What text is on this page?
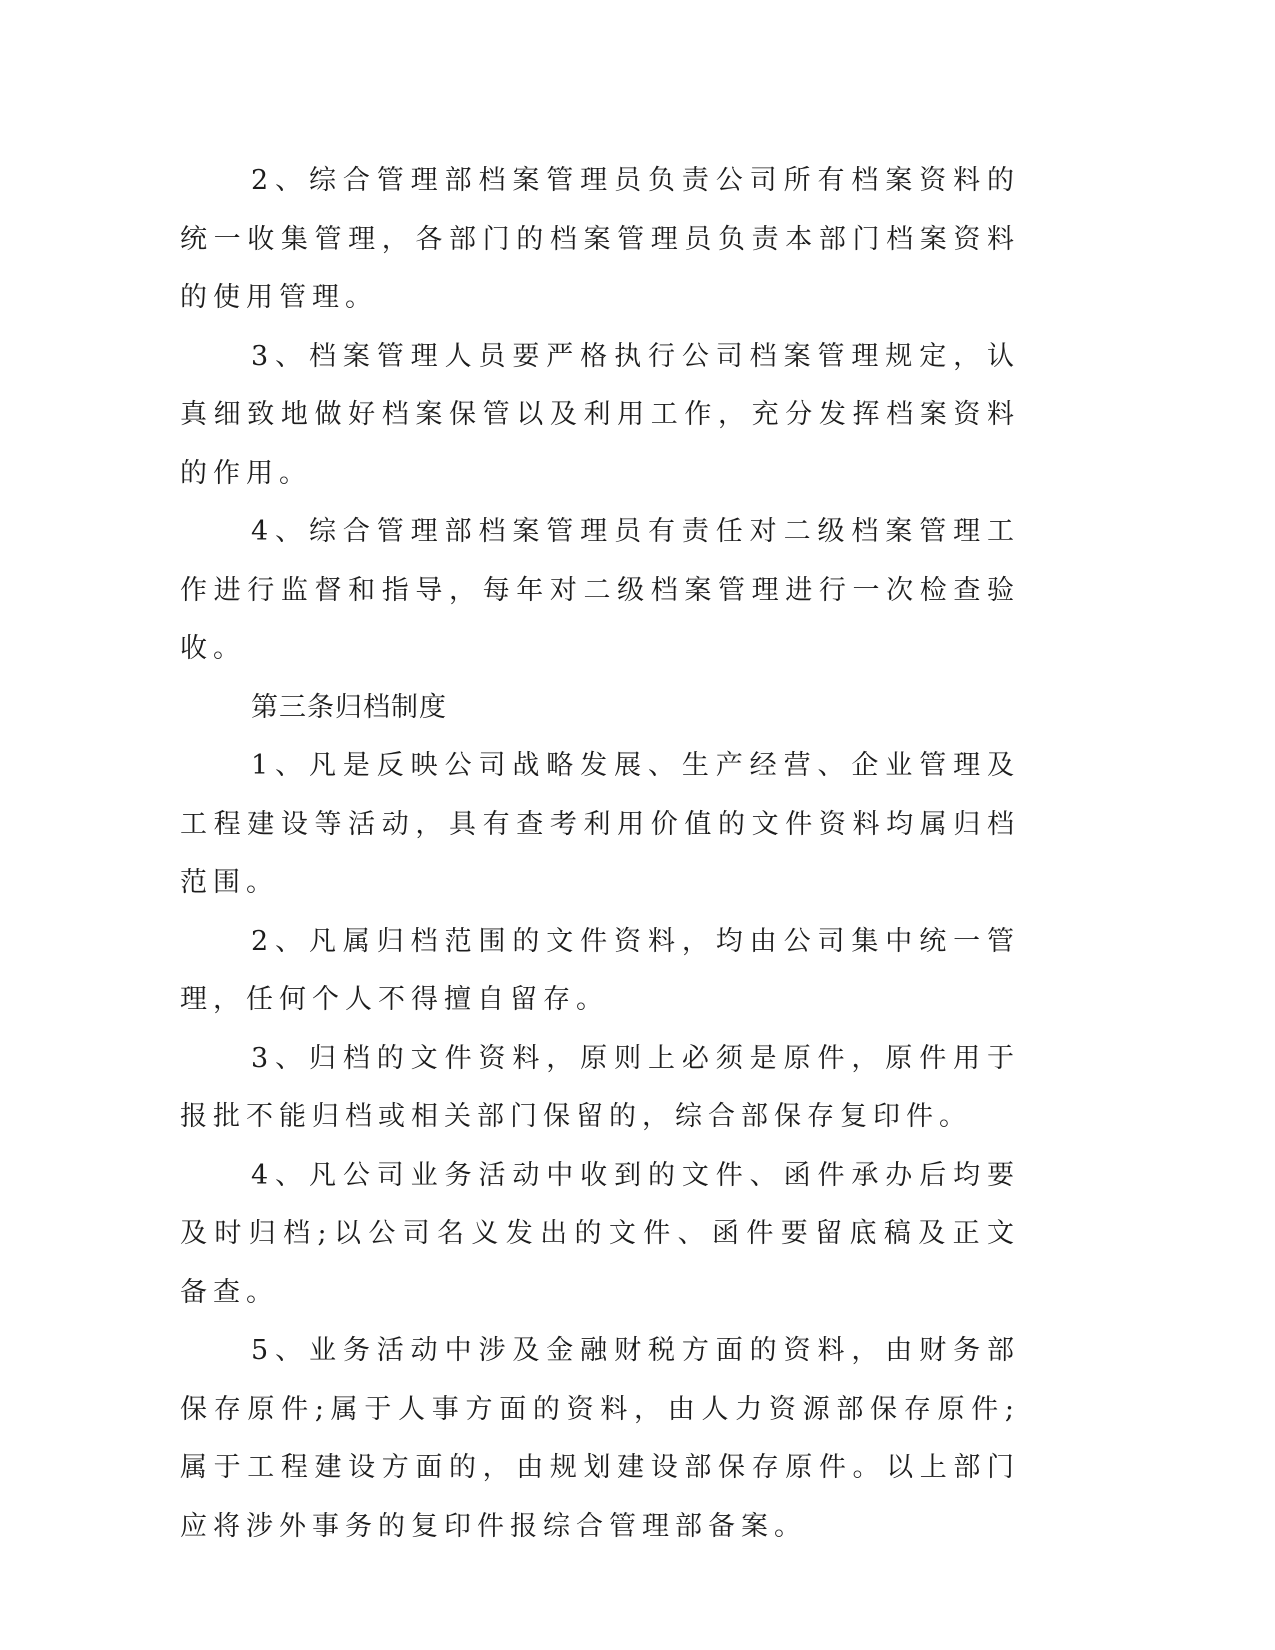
2、综合管理部档案管理员负责公司所有档案资料的统一收集管理，各部门的档案管理员负责本部门档案资料的使用管理。

3、档案管理人员要严格执行公司档案管理规定，认真细致地做好档案保管以及利用工作，充分发挥档案资料的作用。

4、综合管理部档案管理员有责任对二级档案管理工作进行监督和指导，每年对二级档案管理进行一次检查验收。

第三条归档制度

1、凡是反映公司战略发展、生产经营、企业管理及工程建设等活动，具有查考利用价值的文件资料均属归档范围。

2、凡属归档范围的文件资料，均由公司集中统一管理，任何个人不得擅自留存。

3、归档的文件资料，原则上必须是原件，原件用于报批不能归档或相关部门保留的，综合部保存复印件。

4、凡公司业务活动中收到的文件、函件承办后均要及时归档;以公司名义发出的文件、函件要留底稿及正文备查。

5、业务活动中涉及金融财税方面的资料，由财务部保存原件;属于人事方面的资料，由人力资源部保存原件;属于工程建设方面的，由规划建设部保存原件。以上部门应将涉外事务的复印件报综合管理部备案。
